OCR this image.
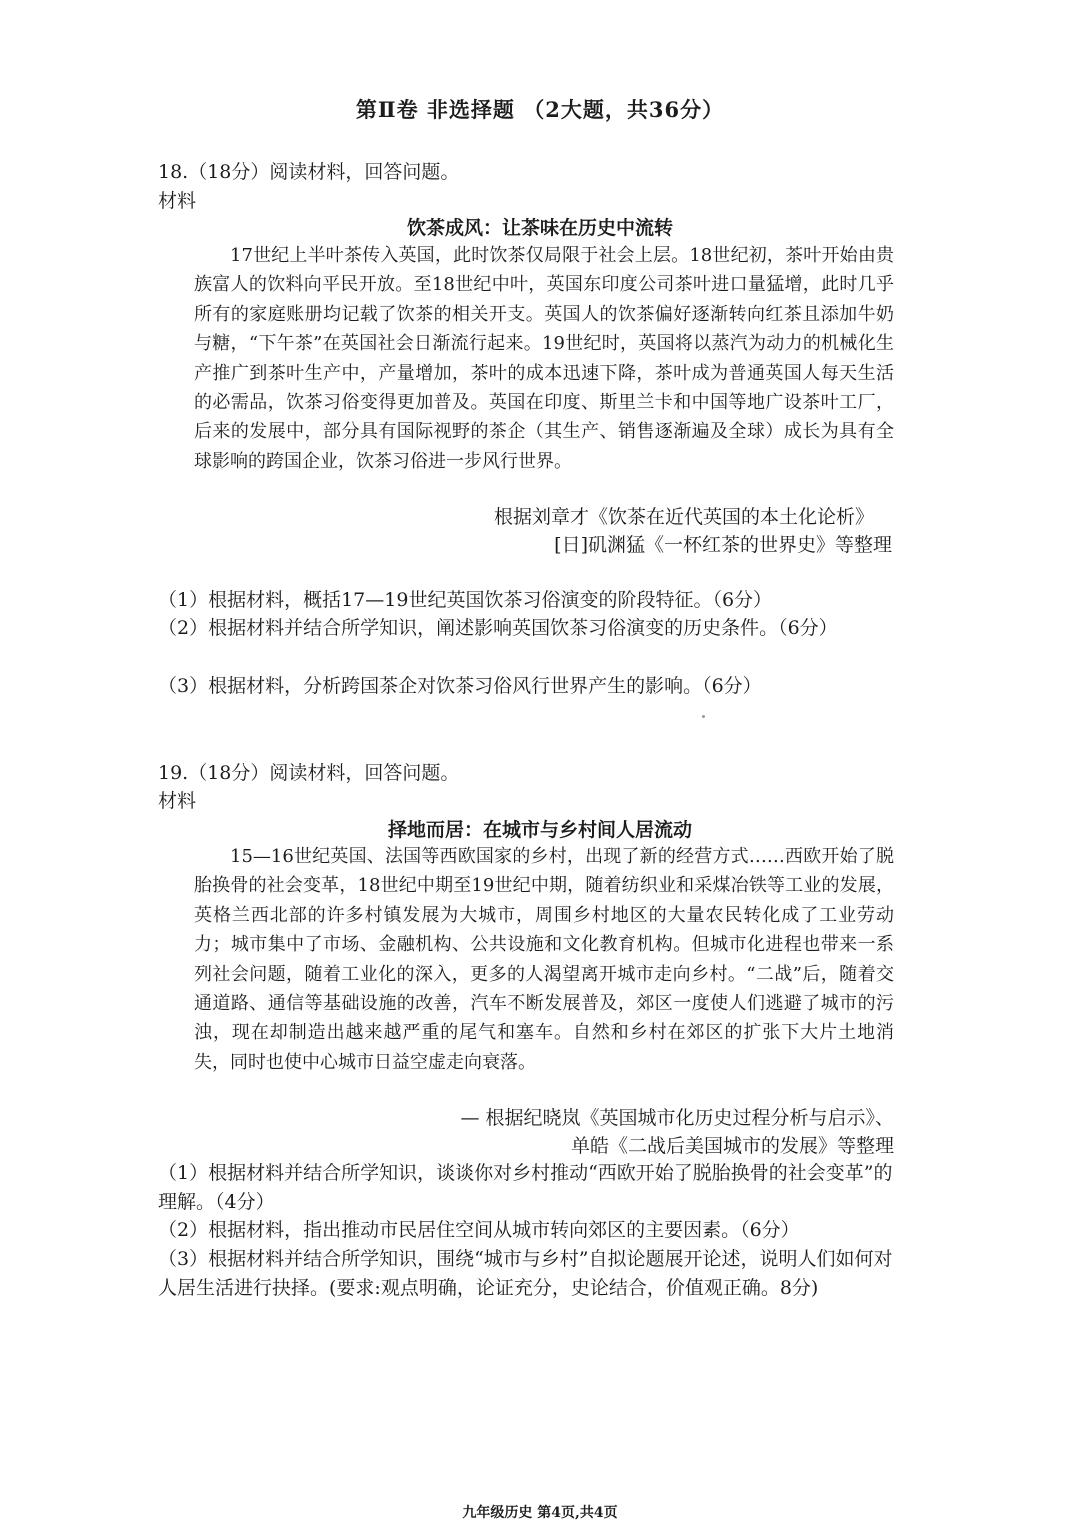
第Ⅱ卷 非选择题 （2大题，共36分）
18.（18分）阅读材料，回答问题。
材料
饮茶成风：让茶味在历史中流转
17世纪上半叶茶传入英国，此时饮茶仅局限于社会上层。18世纪初，茶叶开始由贵族富人的饮料向平民开放。至18世纪中叶，英国东印度公司茶叶进口量猛增，此时几乎所有的家庭账册均记载了饮茶的相关开支。英国人的饮茶偏好逐渐转向红茶且添加牛奶与糖，“下午茶”在英国社会日渐流行起来。19世纪时，英国将以蒸汽为动力的机械化生产推广到茶叶生产中，产量增加，茶叶的成本迅速下降，茶叶成为普通英国人每天生活的必需品，饮茶习俗变得更加普及。英国在印度、斯里兰卡和中国等地广设茶叶工厂，后来的发展中，部分具有国际视野的茶企（其生产、销售逐渐遍及全球）成长为具有全球影响的跨国企业，饮茶习俗进一步风行世界。
根据刘章才《饮茶在近代英国的本土化论析》
[日]矶渊猛《一杯红茶的世界史》等整理
（1）根据材料，概括17—19世纪英国饮茶习俗演变的阶段特征。（6分）
（2）根据材料并结合所学知识，阐述影响英国饮茶习俗演变的历史条件。（6分）
（3）根据材料，分析跨国茶企对饮茶习俗风行世界产生的影响。（6分）
19.（18分）阅读材料，回答问题。
材料
择地而居：在城市与乡村间人居流动
15—16世纪英国、法国等西欧国家的乡村，出现了新的经营方式……西欧开始了脱胎换骨的社会变革，18世纪中期至19世纪中期，随着纺织业和采煤冶铁等工业的发展，英格兰西北部的许多村镇发展为大城市，周围乡村地区的大量农民转化成了工业劳动力；城市集中了市场、金融机构、公共设施和文化教育机构。但城市化进程也带来一系列社会问题，随着工业化的深入，更多的人渴望离开城市走向乡村。“二战”后，随着交通道路、通信等基础设施的改善，汽车不断发展普及，郊区一度使人们逃避了城市的污浊，现在却制造出越来越严重的尾气和塞车。自然和乡村在郊区的扩张下大片土地消失，同时也使中心城市日益空虚走向衰落。
— 根据纪晓岚《英国城市化历史过程分析与启示》、
单皓《二战后美国城市的发展》等整理
（1）根据材料并结合所学知识，谈谈你对乡村推动“西欧开始了脱胎换骨的社会变革”的理解。（4分）
（2）根据材料，指出推动市民居住空间从城市转向郊区的主要因素。（6分）
（3）根据材料并结合所学知识，围绕“城市与乡村”自拟论题展开论述，说明人们如何对人居生活进行抉择。(要求:观点明确，论证充分，史论结合，价值观正确。8分)
九年级历史 第4页,共4页
